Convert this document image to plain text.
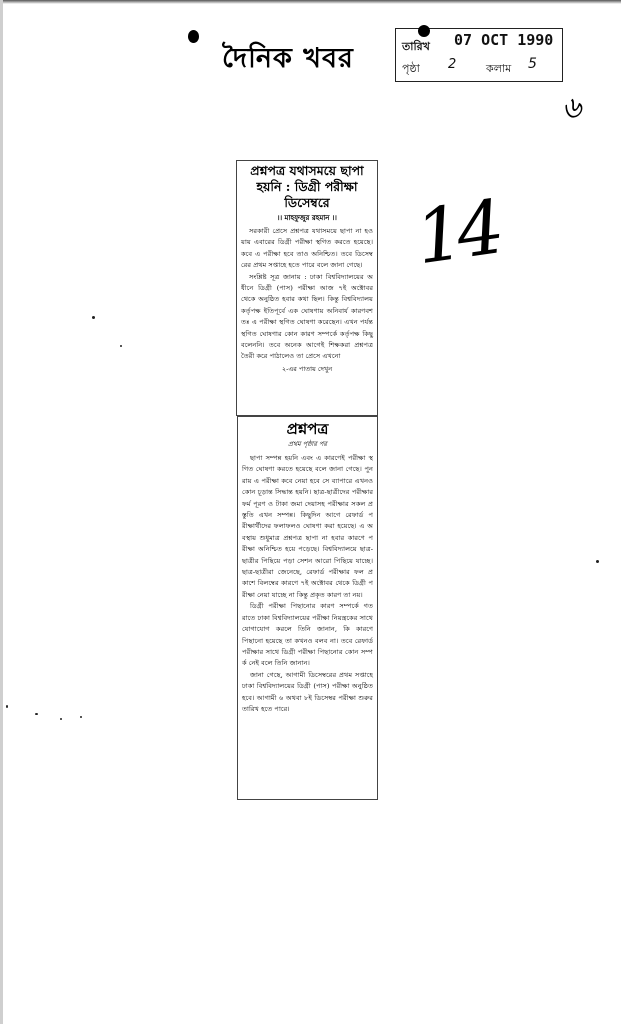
দৈনিক খবর	তারিখ 07 OCT 1990
পৃষ্ঠা 2	কলাম 5
৬
14
প্রশ্নপত্র যথাসময়ে ছাপা হয়নি : ডিগ্রী পরীক্ষা ডিসেম্বরে
।। মাহফুজুর রহমান ।।

সরকারী প্রেসে প্রশ্নপত্র যথাসময়ে ছাপা না হওয়ায় এবারের ডিগ্রী পরীক্ষা স্থগিত করতে হয়েছে। কবে এ পরীক্ষা হবে তাও অনিশ্চিত। তবে ডিসেম্বরের প্রথম সপ্তাহে হতে পারে বলে জানা গেছে।

সংশ্লিষ্ট সূত্র জানায় : ঢাকা বিশ্ববিদ্যালয়ের অধীনে ডিগ্রী (পাস) পরীক্ষা আজ ৭ই অক্টোবর থেকে অনুষ্ঠিত হবার কথা ছিল। কিন্তু বিশ্ববিদ্যালয় কর্তৃপক্ষ ইতিপূর্বে এক ঘোষণায় অনিবার্য কারণবশতঃ এ পরীক্ষা স্থগিত ঘোষণা করেছেন। এখন পর্যন্ত স্থগিত ঘোষণার কোন কারণ সম্পর্কে কর্তৃপক্ষ কিছু বলেননি। তবে অনেক আগেই শিক্ষকরা প্রশ্নপত্র তৈরী করে পাঠালেও তা প্রেসে এখনো

২-এর পাতায় দেখুন
প্রশ্নপত্র
প্রথম পৃষ্ঠার পর

ছাপা সম্পন্ন হয়নি এবং এ কারণেই পরীক্ষা স্থগিত ঘোষণা করতে হয়েছে বলে জানা গেছে। পুনরায় এ পরীক্ষা কবে নেয়া হবে সে ব্যাপারে এখনও কোন চূড়ান্ত সিদ্ধান্ত হয়নি। ছাত্র-ছাত্রীদের পরীক্ষার ফর্ম পূরণ ও টাকা জমা দেয়াসহ পরীক্ষার সকল প্রস্তুতি এখন সম্পন্ন। কিছুদিন আগে রেফার্ড পরীক্ষার্থীদের ফলাফলও ঘোষণা করা হয়েছে। এ অবস্থায় শুধুমাত্র প্রশ্নপত্র ছাপা না হবার কারণে পরীক্ষা অনিশ্চিত হয়ে পড়েছে। বিশ্ববিদ্যালয়ে ছাত্র-ছাত্রীর পিছিয়ে পড়া সেশন আরো পিছিয়ে যাচ্ছে। ছাত্র-ছাত্রীরা জেনেছে, রেফার্ড পরীক্ষার ফল প্রকাশে বিলম্বের কারণে ৭ই অক্টোবর থেকে ডিগ্রী পরীক্ষা নেয়া যাচ্ছে না কিন্তু প্রকৃত কারণ তা নয়।

ডিগ্রী পরীক্ষা পিছানোর কারণ সম্পর্কে গতরাতে ঢাকা বিশ্ববিদ্যালয়ের পরীক্ষা নিয়ন্ত্রকের সাথে যোগাযোগ করলে তিনি জানান, কি কারণে পিছানো হয়েছে তা কখনও বলব না। তবে রেফার্ড পরীক্ষার সাথে ডিগ্রী পরীক্ষা পিছানোর কোন সম্পর্ক নেই বলে তিনি জানান।

জানা গেছে, আগামী ডিসেম্বরের প্রথম সপ্তাহে ঢাকা বিশ্ববিদ্যালয়ের ডিগ্রী (পাস) পরীক্ষা অনুষ্ঠিত হবে। আগামী ৬ অথবা ৮ই ডিসেম্বর পরীক্ষা শুরুর তারিখ হতে পারে।
